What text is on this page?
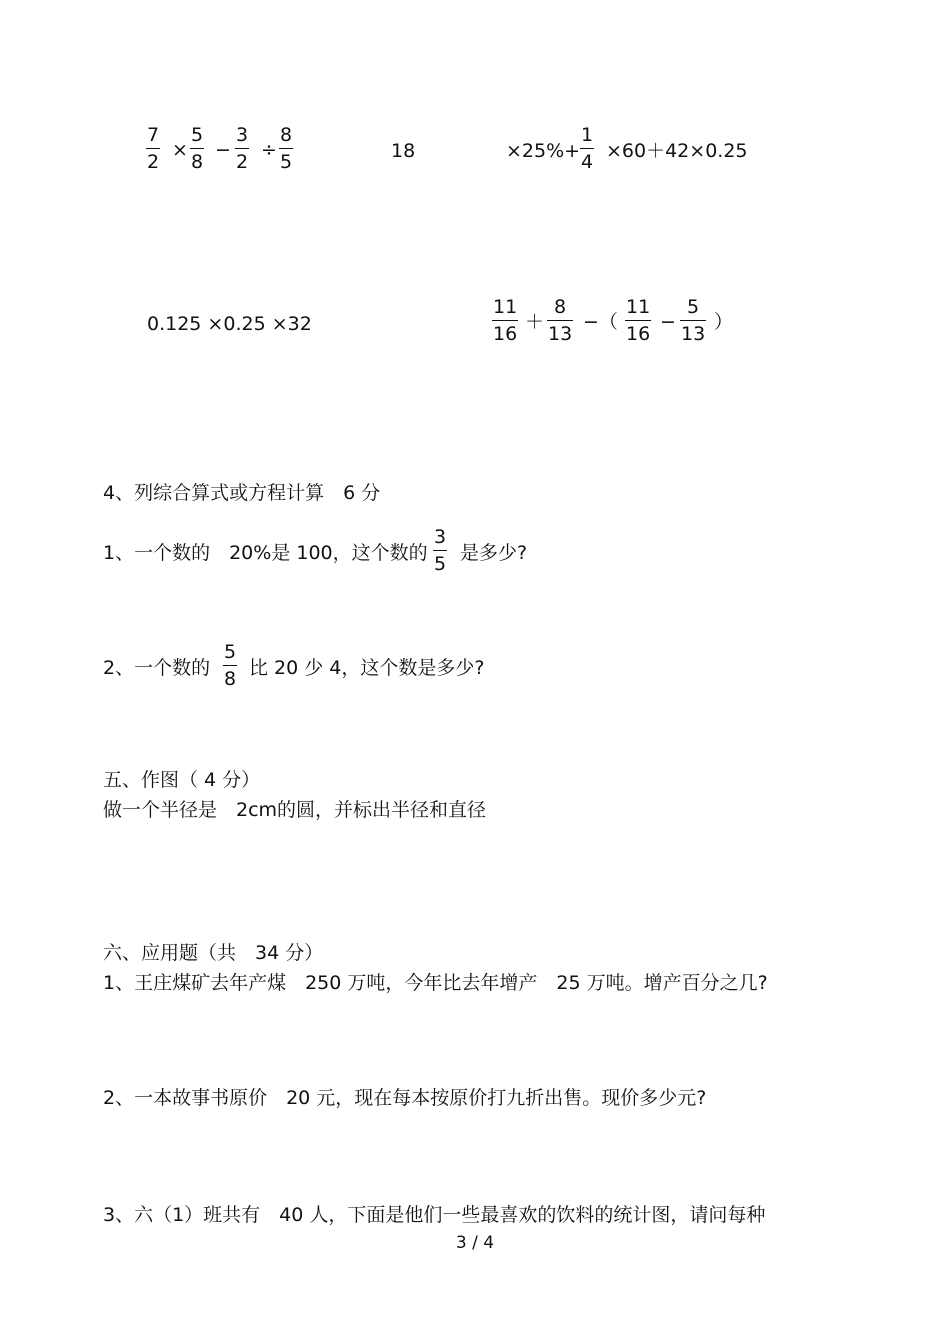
7
2
×
5
8
−
3
2
÷
8
5
18	×25%+
1
4
×60＋42×0.25
0.125 ×0.25 ×32
11
16
＋
8
13
−（
11
16
−
5
13
）
4、列综合算式或方程计算　6 分
1、一个数的　20%是 100，这个数的
3
5
是多少?
2、一个数的
5
8
比 20 少 4，这个数是多少?
五、作图（ 4 分）
做一个半径是　2cm的圆，并标出半径和直径
六、应用题（共　34 分）
1、王庄煤矿去年产煤　250 万吨，今年比去年增产　25 万吨。增产百分之几?
2、一本故事书原价　20 元，现在每本按原价打九折出售。现价多少元?
3、六（1）班共有　40 人，下面是他们一些最喜欢的饮料的统计图，请问每种
3 / 4
